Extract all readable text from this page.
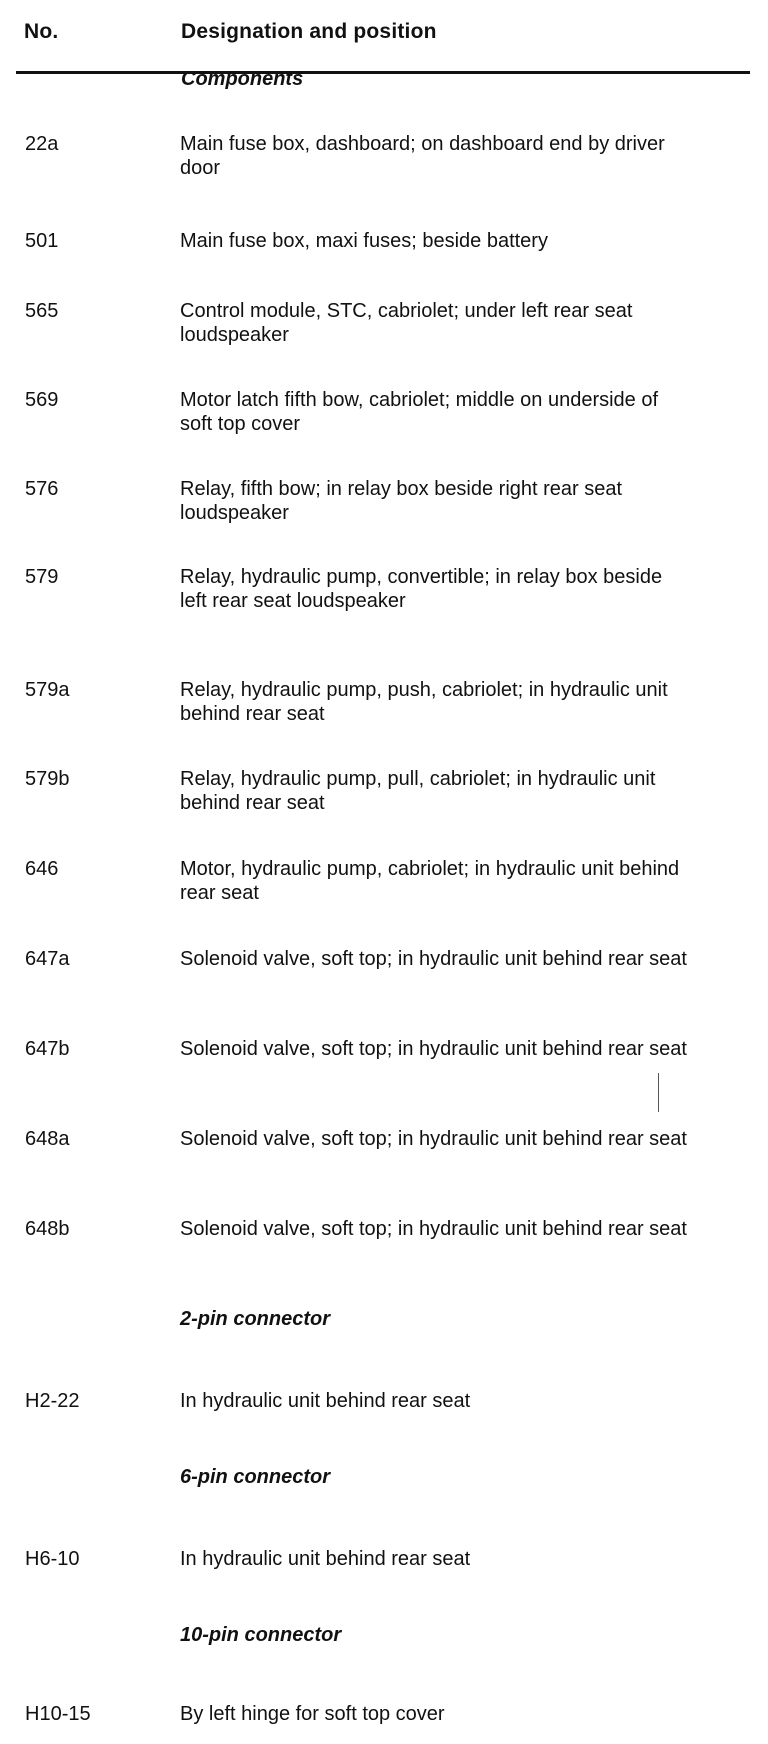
No.	Designation and position
Components
22a	Main fuse box, dashboard; on dashboard end by driver door
501	Main fuse box, maxi fuses; beside battery
565	Control module, STC, cabriolet; under left rear seat loudspeaker
569	Motor latch fifth bow, cabriolet; middle on underside of soft top cover
576	Relay, fifth bow; in relay box beside right rear seat loudspeaker
579	Relay, hydraulic pump, convertible; in relay box beside left rear seat loudspeaker
579a	Relay, hydraulic pump, push, cabriolet; in hydraulic unit behind rear seat
579b	Relay, hydraulic pump, pull, cabriolet; in hydraulic unit behind rear seat
646	Motor, hydraulic pump, cabriolet; in hydraulic unit behind rear seat
647a	Solenoid valve, soft top; in hydraulic unit behind rear seat
647b	Solenoid valve, soft top; in hydraulic unit behind rear seat
648a	Solenoid valve, soft top; in hydraulic unit behind rear seat
648b	Solenoid valve, soft top; in hydraulic unit behind rear seat
2-pin connector
H2-22	In hydraulic unit behind rear seat
6-pin connector
H6-10	In hydraulic unit behind rear seat
10-pin connector
H10-15	By left hinge for soft top cover
